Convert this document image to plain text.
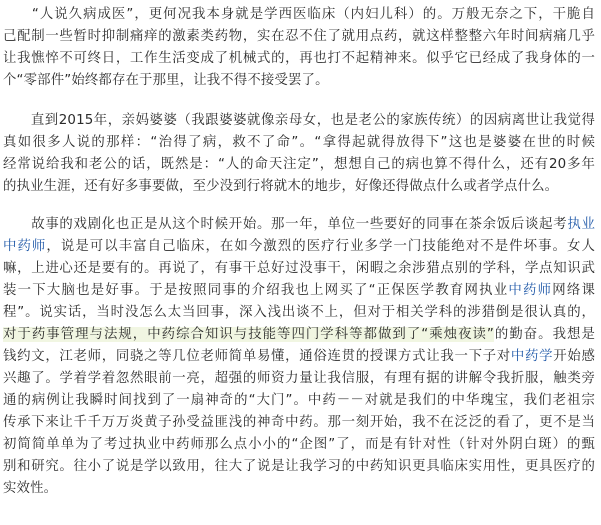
　　“人说久病成医”，更何况我本身就是学西医临床（内妇儿科）的。万般无奈之下，干脆自
己配制一些暂时抑制痛痒的激素类药物，实在忍不住了就用点药，就这样整整六年时间病痛几乎
让我憔悴不可终日，工作生活变成了机械式的，再也打不起精神来。似乎它已经成了我身体的一
个“零部件”始终都存在于那里，让我不得不接受罢了。
　　直到2015年，亲妈婆婆（我跟婆婆就像亲母女，也是老公的家族传统）的因病离世让我觉得
真如很多人说的那样：“治得了病，救不了命”。“拿得起就得放得下”这也是婆婆在世的时候
经常说给我和老公的话，既然是：“人的命天注定”，想想自己的病也算不得什么，还有20多年
的执业生涯，还有好多事要做，至少没到行将就木的地步，好像还得做点什么或者学点什么。
　　故事的戏剧化也正是从这个时候开始。那一年，单位一些要好的同事在茶余饭后谈起考执业
中药师，说是可以丰富自己临床，在如今激烈的医疗行业多学一门技能绝对不是件坏事。女人
嘛，上进心还是要有的。再说了，有事干总好过没事干，闲暇之余涉猎点别的学科，学点知识武
装一下大脑也是好事。于是按照同事的介绍我也上网买了“正保医学教育网执业中药师网络课
程”。说实话，当时没怎么太当回事，深入浅出谈不上，但对于相关学科的涉猎倒是很认真的，
对于药事管理与法规，中药综合知识与技能等四门学科等都做到了“乘烛夜读”的勤奋。我想是
钱约文，江老师，同骁之等几位老师简单易懂，通俗连贯的授课方式让我一下子对中药学开始感
兴趣了。学着学着忽然眼前一亮，超强的师资力量让我信服，有理有据的讲解令我折服，触类旁
通的病例让我瞬时间找到了一扇神奇的“大门”。中药－－对就是我们的中华瑰宝，我们老祖宗
传承下来让千千万万炎黄子孙受益匪浅的神奇中药。那一刻开始，我不在泛泛的看了，更不是当
初简简单单为了考过执业中药师那么点小小的“企图”了，而是有针对性（针对外阴白斑）的甄
别和研究。往小了说是学以致用，往大了说是让我学习的中药知识更具临床实用性，更具医疗的
实效性。
